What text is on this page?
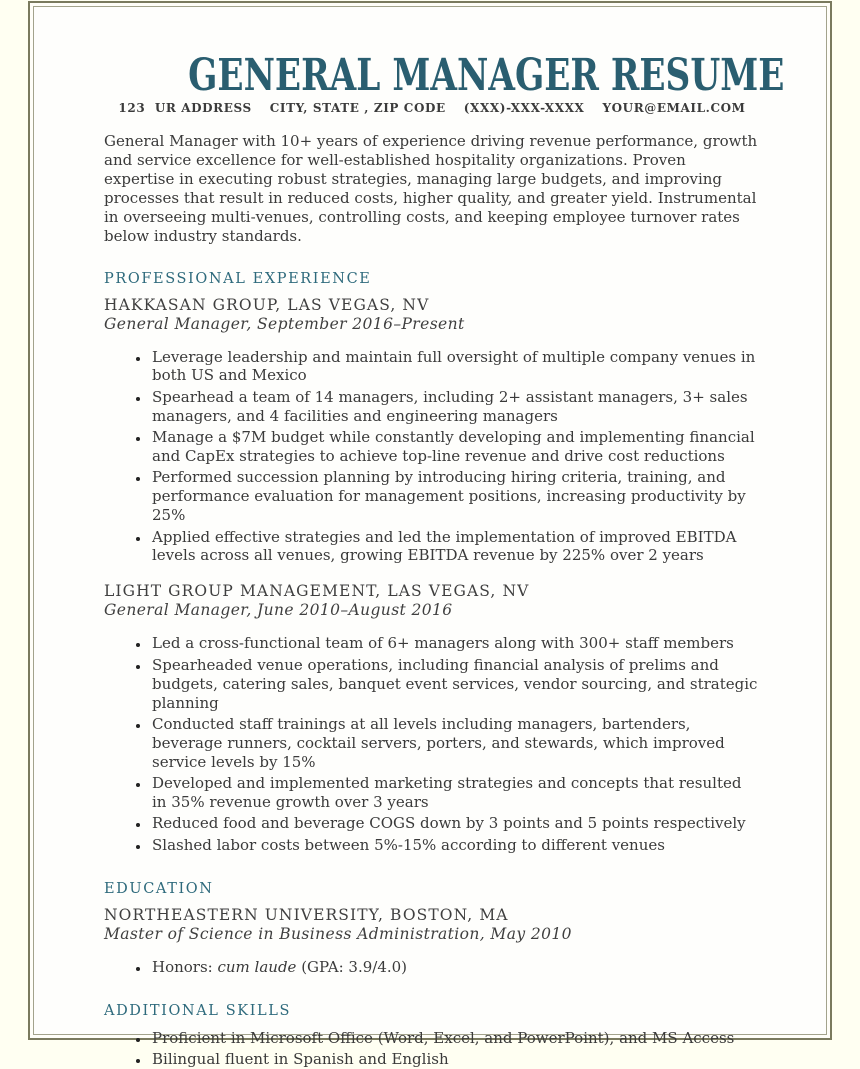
GENERAL MANAGER RESUME
123  UR ADDRESS CITY, STATE , ZIP CODE (XXX)-XXX-XXXX YOUR@EMAIL.COM

General Manager with 10+ years of experience driving revenue performance, growth and service excellence for well-established hospitality organizations. Proven expertise in executing robust strategies, managing large budgets, and improving processes that result in reduced costs, higher quality, and greater yield. Instrumental in overseeing multi-venues, controlling costs, and keeping employee turnover rates below industry standards.

PROFESSIONAL EXPERIENCE
HAKKASAN GROUP, LAS VEGAS, NV
General Manager, September 2016–Present
• Leverage leadership and maintain full oversight of multiple company venues in both US and Mexico
• Spearhead a team of 14 managers, including 2+ assistant managers, 3+ sales managers, and 4 facilities and engineering managers
• Manage a $7M budget while constantly developing and implementing financial and CapEx strategies to achieve top-line revenue and drive cost reductions
• Performed succession planning by introducing hiring criteria, training, and performance evaluation for management positions, increasing productivity by 25%
• Applied effective strategies and led the implementation of improved EBITDA levels across all venues, growing EBITDA revenue by 225% over 2 years
LIGHT GROUP MANAGEMENT, LAS VEGAS, NV
General Manager, June 2010–August 2016
• Led a cross-functional team of 6+ managers along with 300+ staff members
• Spearheaded venue operations, including financial analysis of prelims and budgets, catering sales, banquet event services, vendor sourcing, and strategic planning
• Conducted staff trainings at all levels including managers, bartenders, beverage runners, cocktail servers, porters, and stewards, which improved service levels by 15%
• Developed and implemented marketing strategies and concepts that resulted in 35% revenue growth over 3 years
• Reduced food and beverage COGS down by 3 points and 5 points respectively
• Slashed labor costs between 5%-15% according to different venues
EDUCATION
NORTHEASTERN UNIVERSITY, BOSTON, MA
Master of Science in Business Administration, May 2010
• Honors: cum laude (GPA: 3.9/4.0)
ADDITIONAL SKILLS
• Proficient in Microsoft Office (Word, Excel, and PowerPoint), and MS Access
• Bilingual fluent in Spanish and English
